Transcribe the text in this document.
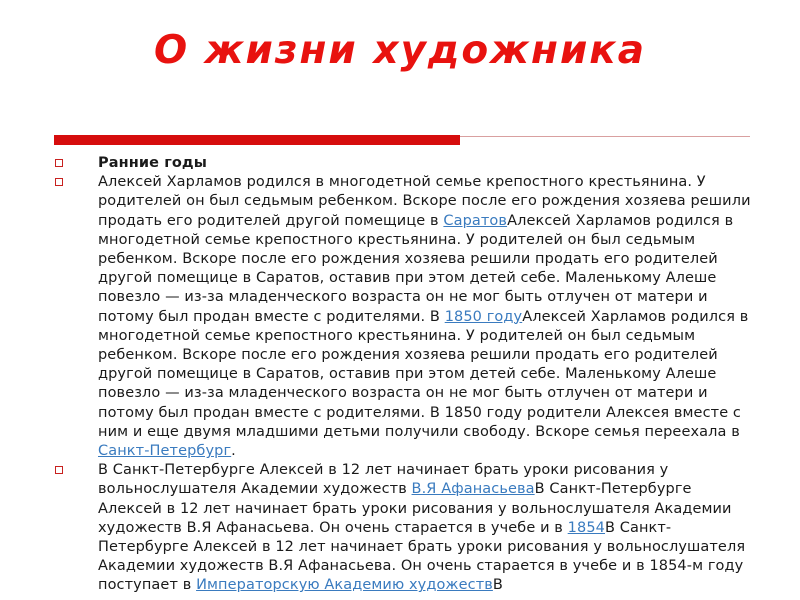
О жизни художника
Ранние годы
Алексей Харламов родился в многодетной семье крепостного крестьянина. У родителей он был седьмым ребенком. Вскоре после его рождения хозяева решили продать его родителей другой помещице в СаратовАлексей Харламов родился в многодетной семье крепостного крестьянина. У родителей он был седьмым ребенком. Вскоре после его рождения хозяева решили продать его родителей другой помещице в Саратов, оставив при этом детей себе. Маленькому Алеше повезло — из-за младенческого возраста он не мог быть отлучен от матери и потому был продан вместе с родителями. В 1850 годуАлексей Харламов родился в многодетной семье крепостного крестьянина. У родителей он был седьмым ребенком. Вскоре после его рождения хозяева решили продать его родителей другой помещице в Саратов, оставив при этом детей себе. Маленькому Алеше повезло — из-за младенческого возраста он не мог быть отлучен от матери и потому был продан вместе с родителями. В 1850 году родители Алексея вместе с ним и еще двумя младшими детьми получили свободу. Вскоре семья переехала в Санкт-Петербург.
В Санкт-Петербурге Алексей в 12 лет начинает брать уроки рисования у вольнослушателя Академии художеств В.Я АфанасьеваВ Санкт-Петербурге Алексей в 12 лет начинает брать уроки рисования у вольнослушателя Академии художеств В.Я Афанасьева. Он очень старается в учебе и в 1854В Санкт-Петербурге Алексей в 12 лет начинает брать уроки рисования у вольнослушателя Академии художеств В.Я Афанасьева. Он очень старается в учебе и в 1854-м году поступает в Императорскую Академию художествВ
